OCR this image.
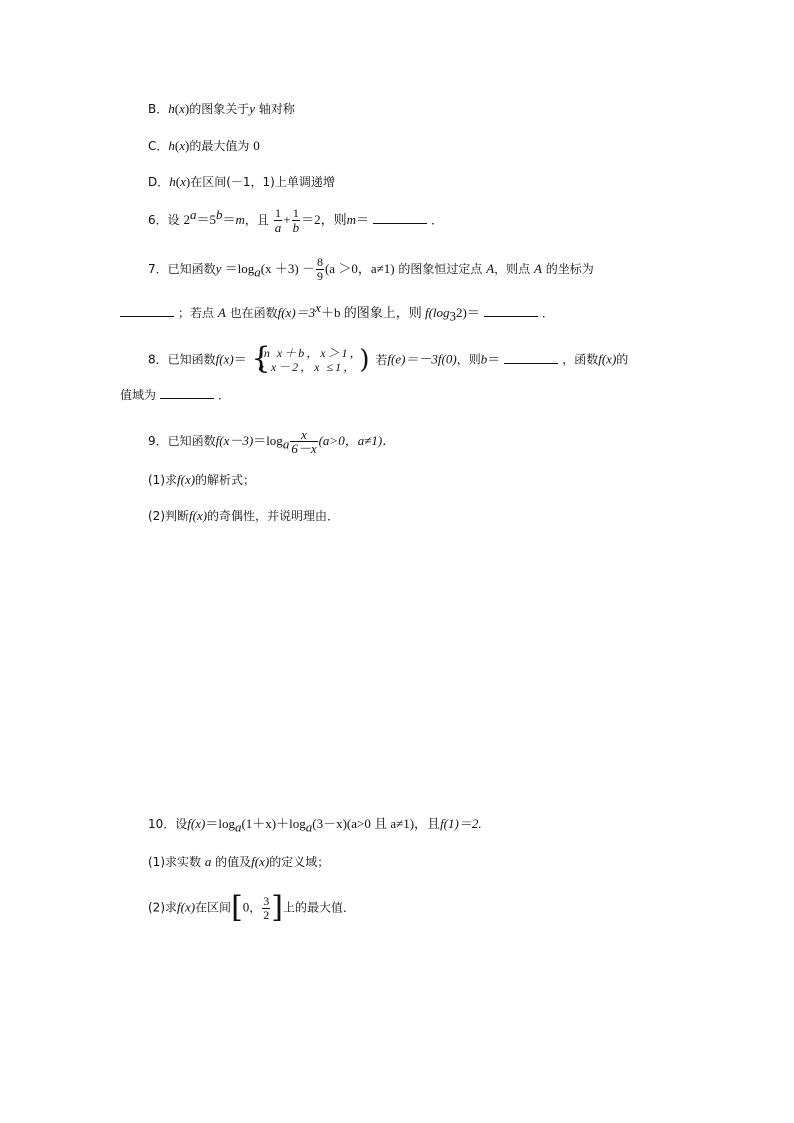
B．h(x)的图象关于y 轴对称
C．h(x)的最大值为 0
D．h(x)在区间(－1，1)上单调递增
6．设 $2^a=5^b=m$，且 $\frac{1}{a} + \frac{1}{b} =2$，则m＝	．
7．已知函数$y =\log_a(x +3) - \frac{8}{9} (a >0$，a≠1) 的图象恒过定点 A，则点 A 的坐标为
；若点 A 也在函数$f(x)=3^x+b$ 的图象上，则 $f(\log_32)=$	．
8．已知函数f(x)＝ {
ln x＋b，x＞1，
e x－2，x ≤1， ) 若f(e)＝－3f(0)，则b＝	，函数f(x)的
值域为	．
9．已知函数$f(x-3)=\log_a \frac{x}{6-x} (a>0$，a≠1)．
(1)求f(x)的解析式；
(2)判断f(x)的奇偶性，并说明理由．
10．设$f(x)=\log_a(1+x)+\log_a(3-x)(a>0$ 且 a≠1)，且f(1)＝2.
(1)求实数 a 的值及f(x)的定义域；
(2)求f(x)在区间[0， $\frac{3}{2}$ ]上的最大值．
